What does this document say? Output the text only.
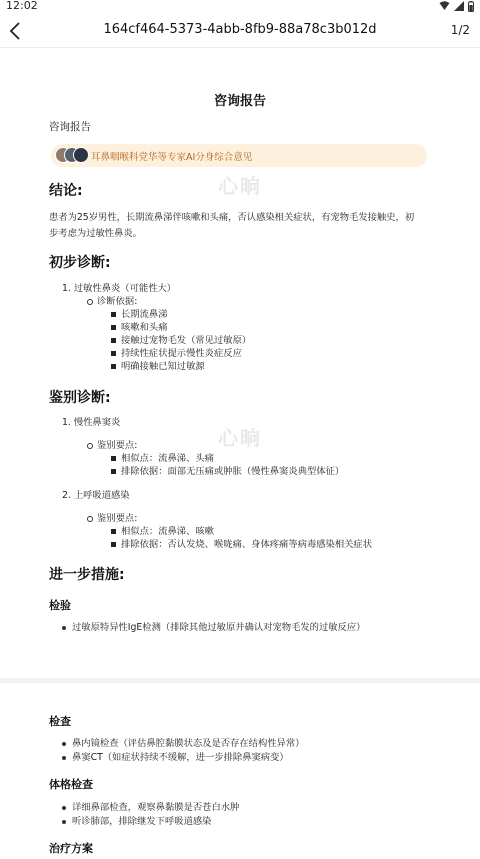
12:02
164cf464-5373-4abb-8fb9-88a78c3b012d	1/2
咨询报告
咨询报告
耳鼻咽喉科党华等专家AI分身综合意见
心晌
结论:
患者为25岁男性，长期流鼻涕伴咳嗽和头痛，否认感染相关症状，有宠物毛发接触史，初
步考虑为过敏性鼻炎。
初步诊断:
1. 过敏性鼻炎（可能性大）
诊断依据:
长期流鼻涕
咳嗽和头痛
接触过宠物毛发（常见过敏原）
持续性症状提示慢性炎症反应
明确接触已知过敏源
鉴别诊断:
心晌
1. 慢性鼻窦炎
鉴别要点:
相似点：流鼻涕、头痛
排除依据：面部无压痛或肿胀（慢性鼻窦炎典型体征）
2. 上呼吸道感染
鉴别要点:
相似点：流鼻涕、咳嗽
排除依据：否认发烧、喉咙痛、身体疼痛等病毒感染相关症状
进一步措施:
检验
过敏原特异性IgE检测（排除其他过敏原并确认对宠物毛发的过敏反应）
检查
鼻内镜检查（评估鼻腔黏膜状态及是否存在结构性异常）
鼻窦CT（如症状持续不缓解，进一步排除鼻窦病变）
体格检查
详细鼻部检查，观察鼻黏膜是否苍白水肿
听诊肺部，排除继发下呼吸道感染
治疗方案
